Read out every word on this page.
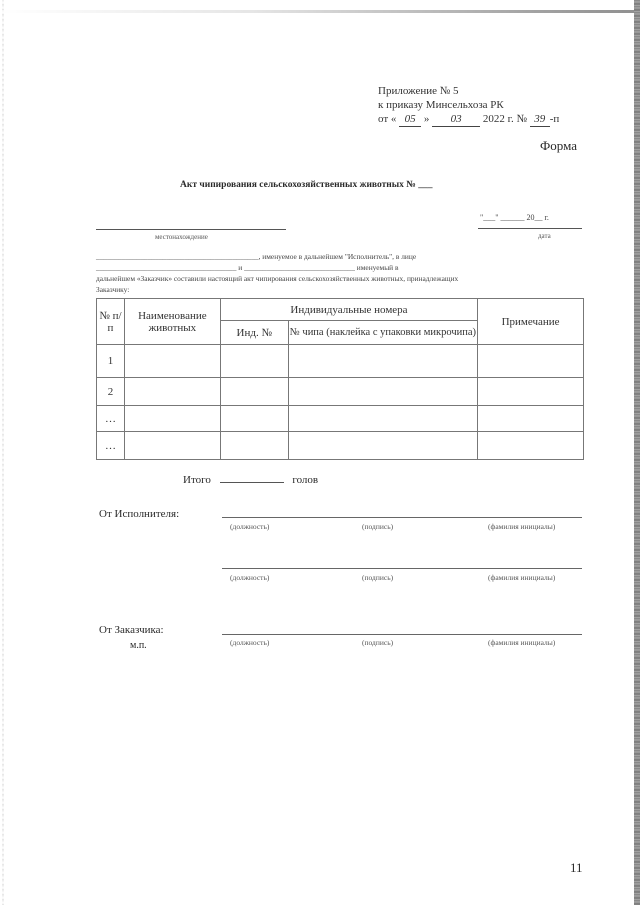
Приложение № 5
к приказу Минсельхоза РК
от « 05 » 03 2022 г. № 39 -п
Форма
Акт чипирования сельскохозяйственных животных № ___
местонахождение
"___" ______ 20__ г.
дата
____________________________________________, именуемое в дальнейшем "Исполнитель", в лице
______________________________________ и ______________________________ именуемый в
дальнейшем «Заказчик» составили настоящий акт чипирования сельскохозяйственных животных, принадлежащих
Заказчику:
№ п/п	Наименование животных	Индивидуальные номера		Примечание
		Инд. №	№ чипа (наклейка с упаковки микрочипа)	
1				
2				
…				
…				
Итого	голов
От Исполнителя:
(должность)	(подпись)	(фамилия инициалы)
(должность)	(подпись)	(фамилия инициалы)
От Заказчика:
м.п.	(должность)	(подпись)	(фамилия инициалы)
11
